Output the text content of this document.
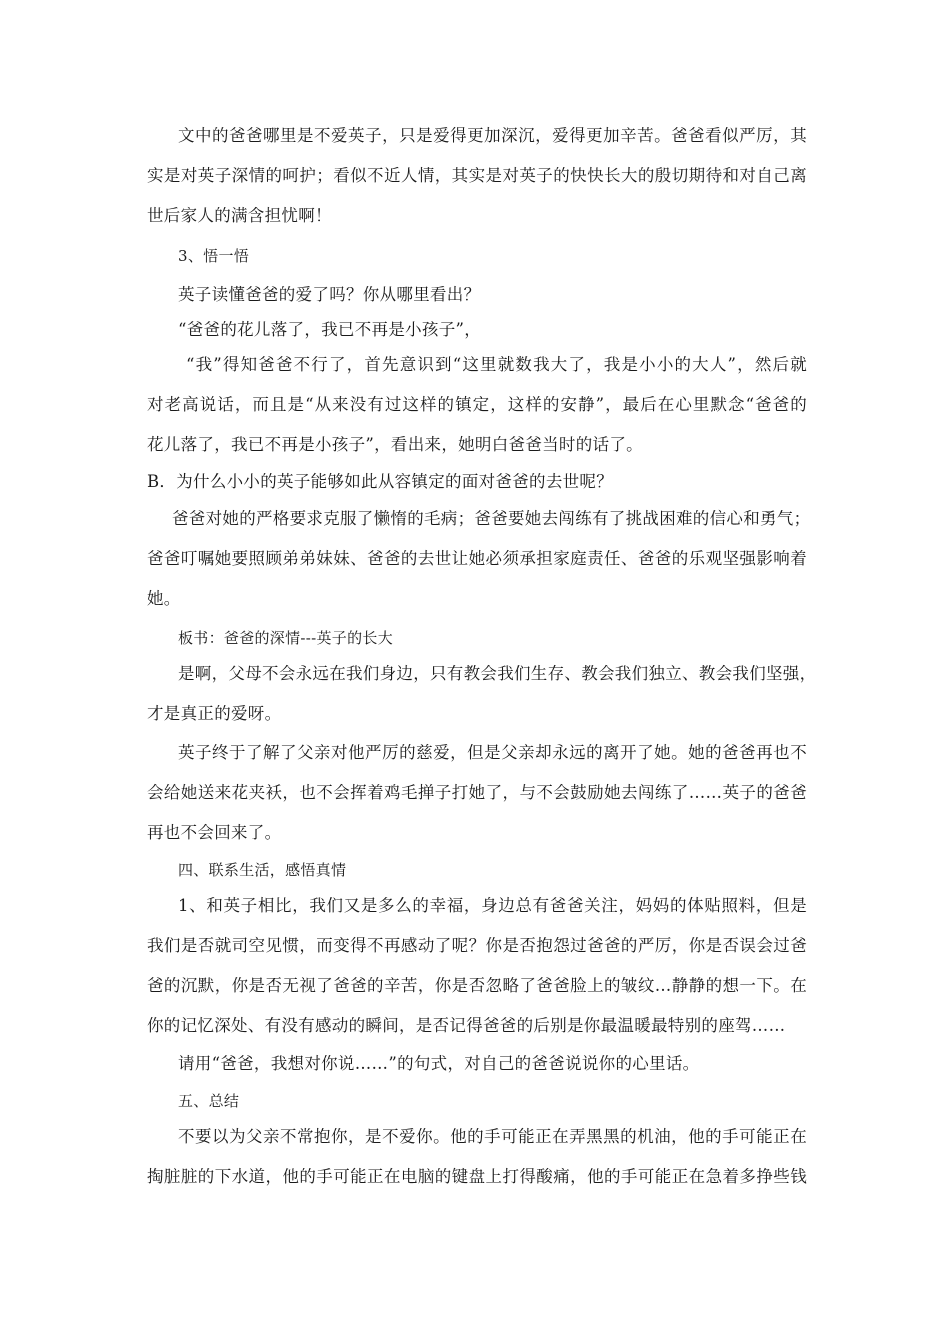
文中的爸爸哪里是不爱英子，只是爱得更加深沉，爱得更加辛苦。爸爸看似严厉，其
实是对英子深情的呵护；看似不近人情，其实是对英子的快快长大的殷切期待和对自己离
世后家人的满含担忧啊！
3、悟一悟
英子读懂爸爸的爱了吗？你从哪里看出？
“爸爸的花儿落了，我已不再是小孩子”，
“我”得知爸爸不行了，首先意识到“这里就数我大了，我是小小的大人”，然后就
对老高说话，而且是“从来没有过这样的镇定，这样的安静”，最后在心里默念“爸爸的
花儿落了，我已不再是小孩子”，看出来，她明白爸爸当时的话了。
B．为什么小小的英子能够如此从容镇定的面对爸爸的去世呢？
爸爸对她的严格要求克服了懒惰的毛病；爸爸要她去闯练有了挑战困难的信心和勇气；
爸爸叮嘱她要照顾弟弟妹妹、爸爸的去世让她必须承担家庭责任、爸爸的乐观坚强影响着
她。
板书：爸爸的深情---英子的长大
是啊，父母不会永远在我们身边，只有教会我们生存、教会我们独立、教会我们坚强，
才是真正的爱呀。
英子终于了解了父亲对他严厉的慈爱，但是父亲却永远的离开了她。她的爸爸再也不
会给她送来花夹袄，也不会挥着鸡毛掸子打她了，与不会鼓励她去闯练了……英子的爸爸
再也不会回来了。
四、联系生活，感悟真情
1、和英子相比，我们又是多么的幸福，身边总有爸爸关注，妈妈的体贴照料，但是
我们是否就司空见惯，而变得不再感动了呢？你是否抱怨过爸爸的严厉，你是否误会过爸
爸的沉默，你是否无视了爸爸的辛苦，你是否忽略了爸爸脸上的皱纹…静静的想一下。在
你的记忆深处、有没有感动的瞬间，是否记得爸爸的后别是你最温暖最特别的座驾……
请用“爸爸，我想对你说……”的句式，对自己的爸爸说说你的心里话。
五、总结
不要以为父亲不常抱你，是不爱你。他的手可能正在弄黑黑的机油，他的手可能正在
掏脏脏的下水道，他的手可能正在电脑的键盘上打得酸痛，他的手可能正在急着多挣些钱
